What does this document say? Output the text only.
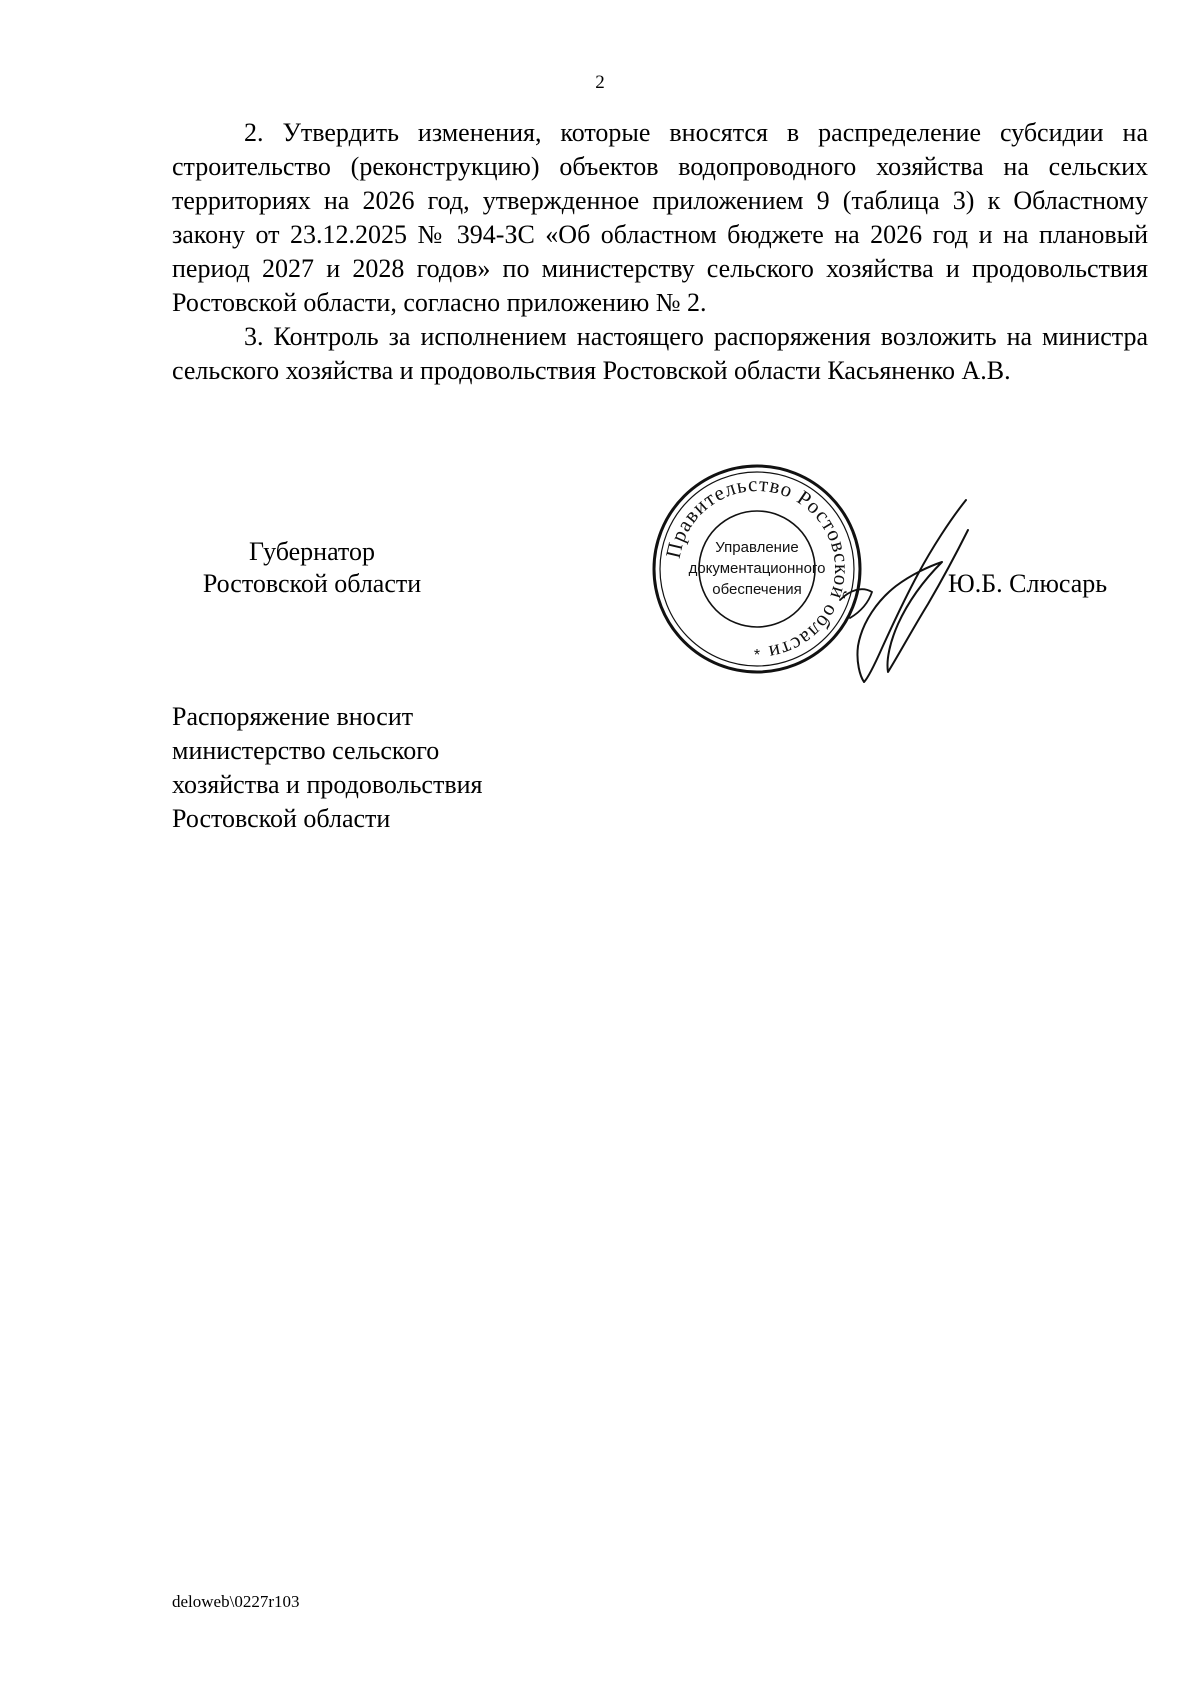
2

2. Утвердить изменения, которые вносятся в распределение субсидии на строительство (реконструкцию) объектов водопроводного хозяйства на сельских территориях на 2026 год, утвержденное приложением 9 (таблица 3) к Областному закону от 23.12.2025 № 394-ЗС «Об областном бюджете на 2026 год и на плановый период 2027 и 2028 годов» по министерству сельского хозяйства и продовольствия Ростовской области, согласно приложению № 2.

3. Контроль за исполнением настоящего распоряжения возложить на министра сельского хозяйства и продовольствия Ростовской области Касьяненко А.В.

Губернатор
Ростовской области
Правительство Ростовской области
Управление
документационного
обеспечения
*
Ю.Б. Слюсарь
Распоряжение вносит
министерство сельского
хозяйства и продовольствия
Ростовской области
deloweb\0227r103
